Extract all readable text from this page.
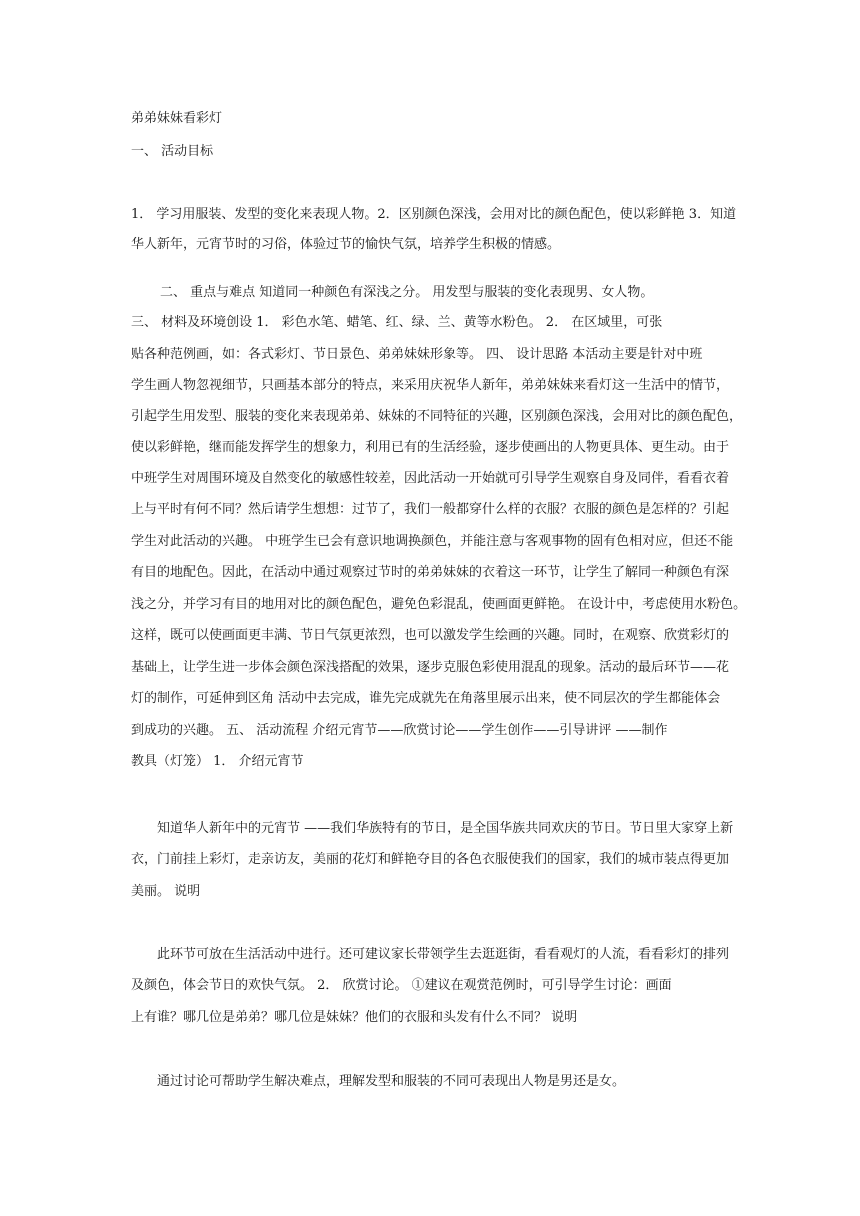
弟弟妹妹看彩灯
一、 活动目标
1． 学习用服装、发型的变化来表现人物。2．区别颜色深浅，会用对比的颜色配色，使以彩鲜艳 3．知道
华人新年，元宵节时的习俗，体验过节的愉快气氛，培养学生积极的情感。
二、 重点与难点 知道同一种颜色有深浅之分。 用发型与服装的变化表现男、女人物。
三、 材料及环境创设 1． 彩色水笔、蜡笔、红、绿、兰、黄等水粉色。 2． 在区域里，可张
贴各种范例画，如：各式彩灯、节日景色、弟弟妹妹形象等。 四、 设计思路 本活动主要是针对中班
学生画人物忽视细节，只画基本部分的特点，来采用庆祝华人新年，弟弟妹妹来看灯这一生活中的情节，
引起学生用发型、服装的变化来表现弟弟、妹妹的不同特征的兴趣，区别颜色深浅，会用对比的颜色配色，
使以彩鲜艳，继而能发挥学生的想象力，利用已有的生活经验，逐步使画出的人物更具体、更生动。由于
中班学生对周围环境及自然变化的敏感性较差，因此活动一开始就可引导学生观察自身及同伴，看看衣着
上与平时有何不同？然后请学生想想：过节了，我们一般都穿什么样的衣服？衣服的颜色是怎样的？引起
学生对此活动的兴趣。 中班学生已会有意识地调换颜色，并能注意与客观事物的固有色相对应，但还不能
有目的地配色。因此，在活动中通过观察过节时的弟弟妹妹的衣着这一环节，让学生了解同一种颜色有深
浅之分，并学习有目的地用对比的颜色配色，避免色彩混乱，使画面更鲜艳。 在设计中，考虑使用水粉色。
这样，既可以使画面更丰满、节日气氛更浓烈，也可以激发学生绘画的兴趣。同时，在观察、欣赏彩灯的
基础上，让学生进一步体会颜色深浅搭配的效果，逐步克服色彩使用混乱的现象。活动的最后环节——花
灯的制作，可延伸到区角 活动中去完成，谁先完成就先在角落里展示出来，使不同层次的学生都能体会
到成功的兴趣。 五、 活动流程 介绍元宵节——欣赏讨论——学生创作——引导讲评 ——制作
教具（灯笼） 1． 介绍元宵节
知道华人新年中的元宵节 ——我们华族特有的节日，是全国华族共同欢庆的节日。节日里大家穿上新
衣，门前挂上彩灯，走亲访友，美丽的花灯和鲜艳夺目的各色衣服使我们的国家，我们的城市装点得更加
美丽。 说明
此环节可放在生活活动中进行。还可建议家长带领学生去逛逛街，看看观灯的人流，看看彩灯的排列
及颜色，体会节日的欢快气氛。 2． 欣赏讨论。 ①建议在观赏范例时，可引导学生讨论：画面
上有谁？哪几位是弟弟？哪几位是妹妹？他们的衣服和头发有什么不同？ 说明
通过讨论可帮助学生解决难点，理解发型和服装的不同可表现出人物是男还是女。
